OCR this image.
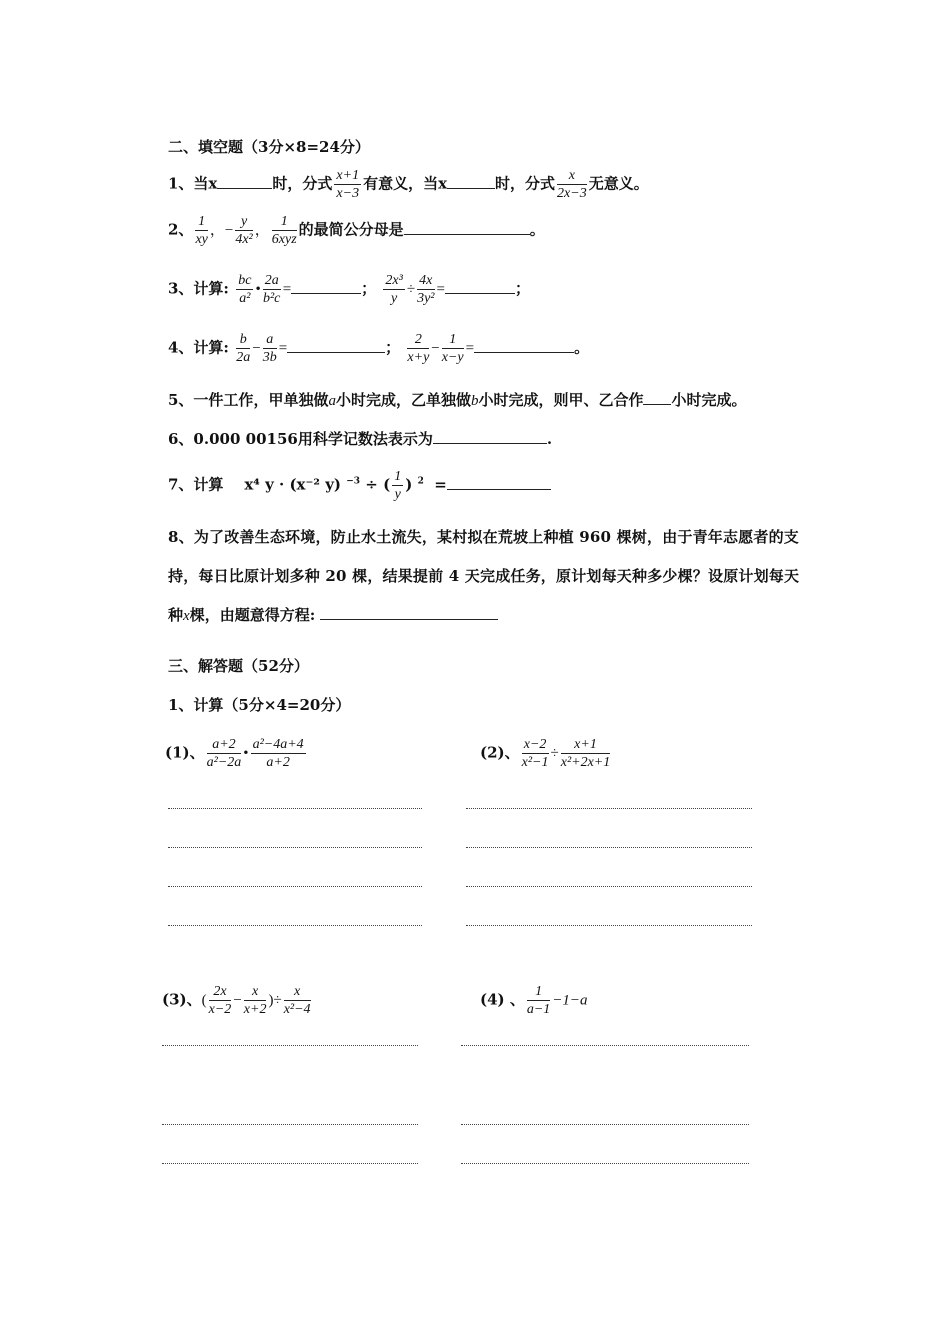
二、填空题（3分×8=24分）
1、当x	时，分式 $\frac{x+1}{x-3}$ 有意义，当x	时，分式 $\frac{x}{2x-3}$ 无意义。
2、 $\frac{1}{xy}$ ，− $\frac{y}{\text{4x²}}$ ， $\frac{1}{\text{6xyz}}$ 的最简公分母是	。
3、计算: $\frac{bc}{\text{a²}}$ • $\frac{2a}{\text{b²c}}$ =	； $\frac{\text{2x³}}{y} \div \frac{4x}{\text{3y²}}$ =	；
4、计算: $\frac{b}{2a} - \frac{a}{3b}$ =	； $\frac{2}{x+y} - \frac{1}{x-y}$ =	。
5、一件工作，甲单独做a小时完成，乙单独做b小时完成，则甲、乙合作 小时完成。
6、0.000 00156用科学记数法表示为	.
7、计算 x⁴ y · (x⁻² y) $^{-3}$ ÷ ( $\frac{1}{y}$ ) $^2$ =
8、为了改善生态环境，防止水土流失，某村拟在荒坡上种植 960 棵树，由于青年志愿者的支
持，每日比原计划多种 20 棵，结果提前 4 天完成任务，原计划每天种多少棵？设原计划每天
种x棵，由题意得方程:
三、解答题（52分）
1、计算（5分×4=20分）
(1)、 $\frac{a+2}{\text{a²−2a}}$ • $\frac{\text{a²−4a+4}}{a+2}$	(2)、 $\frac{x-2}{\text{x²−1}} \div \frac{x+1}{\text{x²+2x+1}}$
(3)、( $\frac{2x}{x-2} - \frac{x}{x+2}$ )÷ $\frac{x}{\text{x²−4}}$	(4) 、 $\frac{1}{a-1} -1-a$
